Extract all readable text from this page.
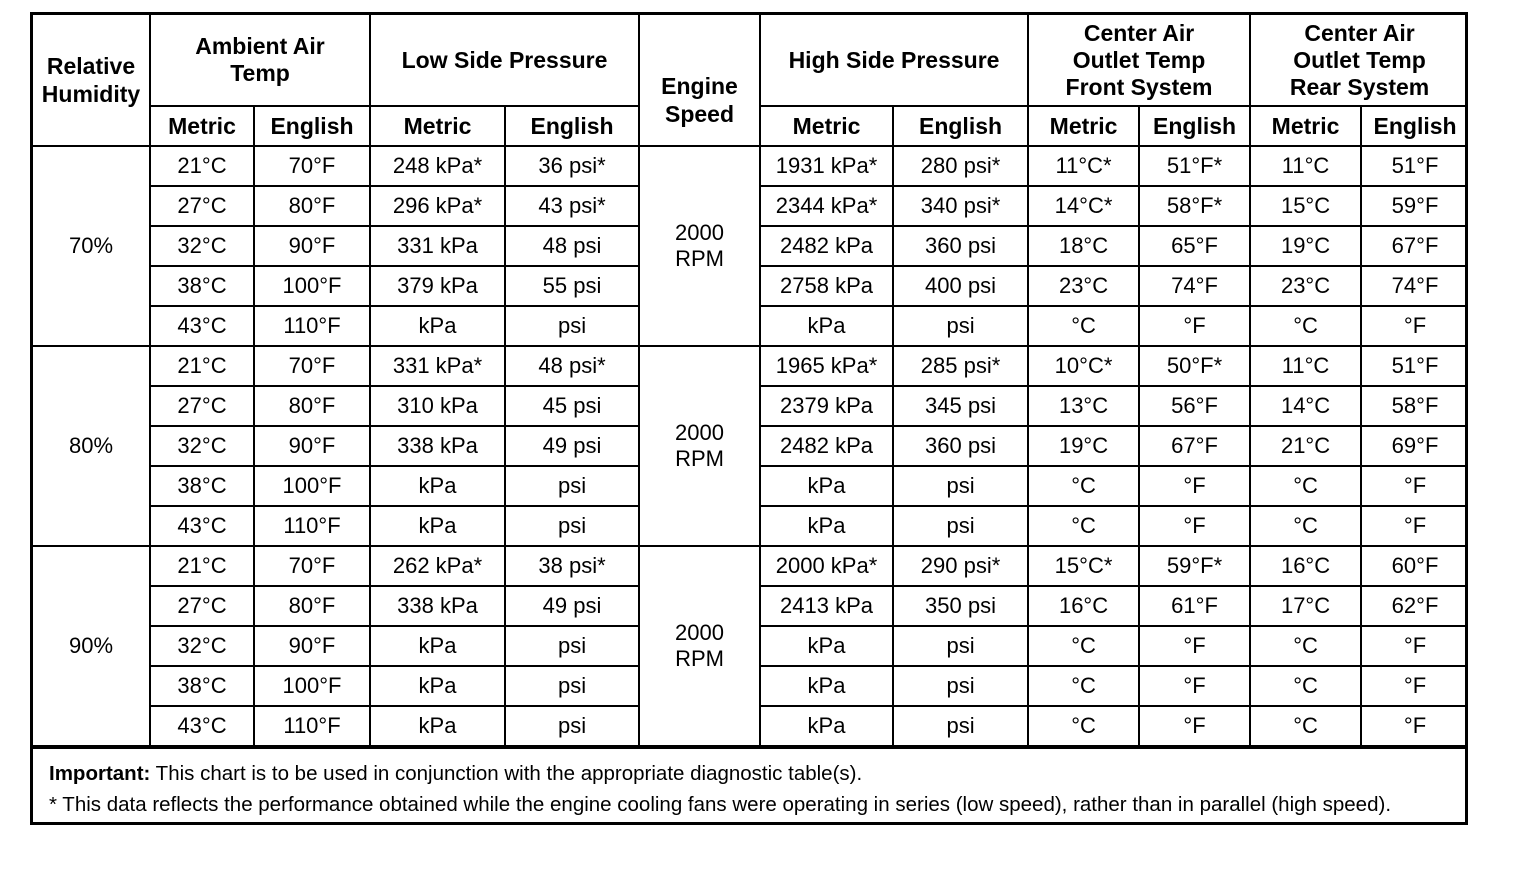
Relative Humidity	Ambient Air Temp		Low Side Pressure		Engine Speed	High Side Pressure		Center Air Outlet Temp Front System		Center Air Outlet Temp Rear System	
	Metric	English	Metric	English		Metric	English	Metric	English	Metric	English
70%	21°C	70°F	248 kPa*	36 psi*	2000 RPM	1931 kPa*	280 psi*	11°C*	51°F*	11°C	51°F
	27°C	80°F	296 kPa*	43 psi*		2344 kPa*	340 psi*	14°C*	58°F*	15°C	59°F
	32°C	90°F	331 kPa	48 psi		2482 kPa	360 psi	18°C	65°F	19°C	67°F
	38°C	100°F	379 kPa	55 psi		2758 kPa	400 psi	23°C	74°F	23°C	74°F
	43°C	110°F	kPa	psi		kPa	psi	°C	°F	°C	°F
80%	21°C	70°F	331 kPa*	48 psi*	2000 RPM	1965 kPa*	285 psi*	10°C*	50°F*	11°C	51°F
	27°C	80°F	310 kPa	45 psi		2379 kPa	345 psi	13°C	56°F	14°C	58°F
	32°C	90°F	338 kPa	49 psi		2482 kPa	360 psi	19°C	67°F	21°C	69°F
	38°C	100°F	kPa	psi		kPa	psi	°C	°F	°C	°F
	43°C	110°F	kPa	psi		kPa	psi	°C	°F	°C	°F
90%	21°C	70°F	262 kPa*	38 psi*	2000 RPM	2000 kPa*	290 psi*	15°C*	59°F*	16°C	60°F
	27°C	80°F	338 kPa	49 psi		2413 kPa	350 psi	16°C	61°F	17°C	62°F
	32°C	90°F	kPa	psi		kPa	psi	°C	°F	°C	°F
	38°C	100°F	kPa	psi		kPa	psi	°C	°F	°C	°F
	43°C	110°F	kPa	psi		kPa	psi	°C	°F	°C	°F

Important: This chart is to be used in conjunction with the appropriate diagnostic table(s).

* This data reflects the performance obtained while the engine cooling fans were operating in series (low speed), rather than in parallel (high speed).
